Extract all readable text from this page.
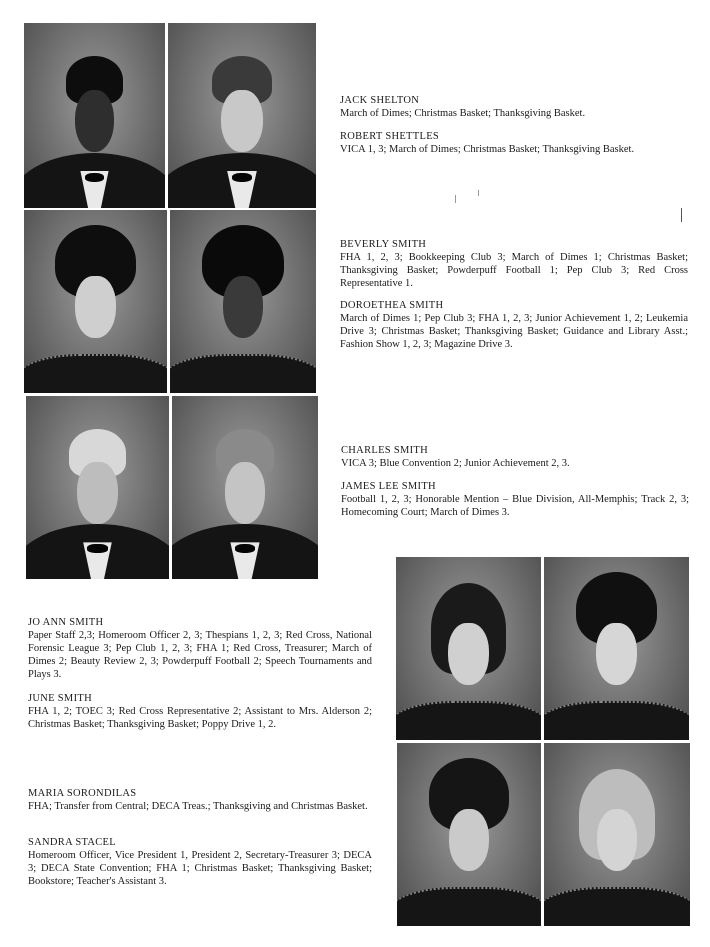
JACK SHELTON
March of Dimes; Christmas Basket; Thanksgiving Basket.
ROBERT SHETTLES
VICA 1, 3; March of Dimes; Christmas Basket; Thanksgiving Basket.
BEVERLY SMITH
FHA 1, 2, 3; Bookkeeping Club 3; March of Dimes 1; Christmas Basket; Thanksgiving Basket; Powderpuff Football 1; Pep Club 3; Red Cross Representative 1.
DOROETHEA SMITH
March of Dimes 1; Pep Club 3; FHA 1, 2, 3; Junior Achievement 1, 2; Leukemia Drive 3; Christmas Basket; Thanksgiving Basket; Guidance and Library Asst.; Fashion Show 1, 2, 3; Magazine Drive 3.
CHARLES SMITH
VICA 3; Blue Convention 2; Junior Achievement 2, 3.
JAMES LEE SMITH
Football 1, 2, 3; Honorable Mention – Blue Division, All-Memphis; Track 2, 3; Homecoming Court; March of Dimes 3.
JO ANN SMITH
Paper Staff 2,3; Homeroom Officer 2, 3; Thespians 1, 2, 3; Red Cross, National Forensic League 3; Pep Club 1, 2, 3; FHA 1; Red Cross, Treasurer; March of Dimes 2; Beauty Review 2, 3; Powderpuff Football 2; Speech Tournaments and Plays 3.
JUNE SMITH
FHA 1, 2; TOEC 3; Red Cross Representative 2; Assistant to Mrs. Alderson 2; Christmas Basket; Thanksgiving Basket; Poppy Drive 1, 2.
MARIA SORONDILAS
FHA; Transfer from Central; DECA Treas.; Thanksgiving and Christmas Basket.
SANDRA STACEL
Homeroom Officer, Vice President 1, President 2, Secretary-Treasurer 3; DECA 3; DECA State Convention; FHA 1; Christmas Basket; Thanksgiving Basket; Bookstore; Teacher's Assistant 3.
